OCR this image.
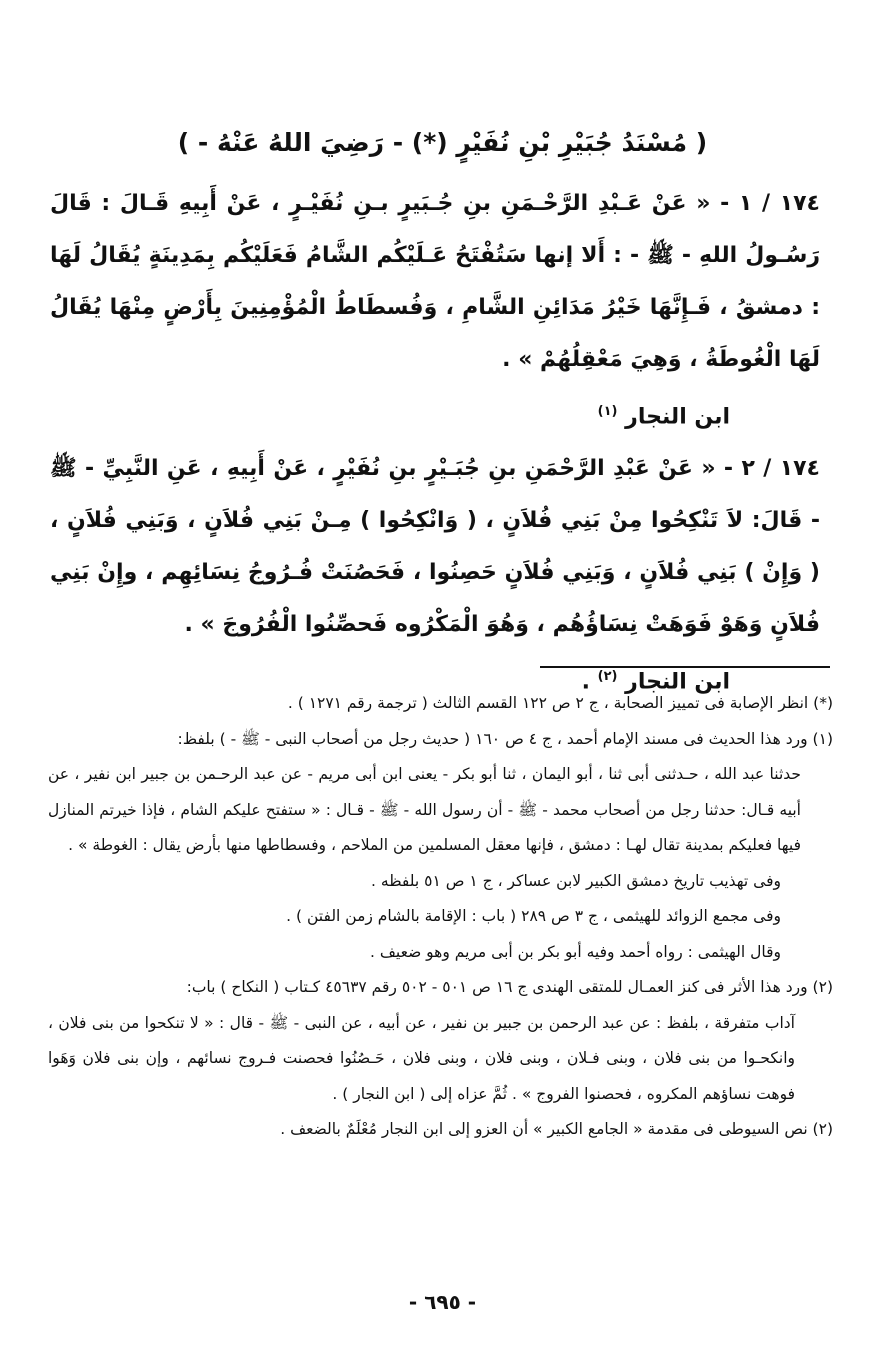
( مُسْنَدُ جُبَيْرِ بْنِ نُفَيْرٍ (*) - رَضِيَ اللهُ عَنْهُ - )

١٧٤ / ١ - « عَنْ عَـبْدِ الرَّحْـمَنِ بنِ جُـبَيرٍ بـنِ نُفَيْـرٍ ، عَنْ أَبِيهِ قَـالَ : قَالَ رَسُـولُ اللهِ - ﷺ - : أَلا إنها سَتُفْتَحُ عَـلَيْكُم الشَّامُ فَعَلَيْكُم بِمَدِينَةٍ يُقَالُ لَهَا : دمشقُ ، فَـإِنَّهَا خَيْرُ مَدَائِنِ الشَّامِ ، وَفُسطَاطُ الْمُؤْمِنِينَ بِأَرْضٍ مِنْهَا يُقَالُ لَهَا الْغُوطَةُ ، وَهِيَ مَعْقِلُهُمْ » .

ابن النجار $^{(١)}$

١٧٤ / ٢ - « عَنْ عَبْدِ الرَّحْمَنِ بنِ جُبَـيْرٍ بنِ نُفَيْرٍ ، عَنْ أَبِيهِ ، عَنِ النَّبِيِّ - ﷺ - قَالَ: لاَ تَنْكِحُوا مِنْ بَنِي فُلاَنٍ ، ( وَانْكِحُوا ) مِـنْ بَنِي فُلاَنٍ ، وَبَنِي فُلاَنٍ ، ( وَإِنْ ) بَنِي فُلاَنٍ ، وَبَنِي فُلاَنٍ حَصِنُوا ، فَحَصُنَتْ فُـرُوجُ نِسَائِهِم ، وإِنْ بَنِي فُلاَنٍ وَهَوْ فَوَهَتْ نِسَاؤُهُم ، وَهُوَ الْمَكْرُوه فَحصِّنُوا الْفُرُوجَ » .

ابن النجار $^{(٢)}$ .

(*) انظر الإصابة فى تمييز الصحابة ، ج ٢ ص ١٢٢ القسم الثالث ( ترجمة رقم ١٢٧١ ) .

(١) ورد هذا الحديث فى مسند الإمام أحمد ، ج ٤ ص ١٦٠ ( حديث رجل من أصحاب النبى - ﷺ - ) بلفظ:

حدثنا عبد الله ، حـدثنى أبى ثنا ، أبو اليمان ، ثنا أبو بكر - يعنى ابن أبى مريم - عن عبد الرحـمن بن جبير ابن نفير ، عن أبيه قـال: حدثنا رجل من أصحاب محمد - ﷺ - أن رسول الله - ﷺ - قـال : « ستفتح عليكم الشام ، فإذا خيرتم المنازل فيها فعليكم بمدينة تقال لهـا : دمشق ، فإنها معقل المسلمين من الملاحم ، وفسطاطها منها بأرض يقال : الغوطة » .

وفى تهذيب تاريخ دمشق الكبير لابن عساكر ، ج ١ ص ٥١ بلفظه .

وفى مجمع الزوائد للهيثمى ، ج ٣ ص ٢٨٩ ( باب : الإقامة بالشام زمن الفتن ) .

وقال الهيثمى : رواه أحمد وفيه أبو بكر بن أبى مريم وهو ضعيف .

(٢) ورد هذا الأثر فى كنز العمـال للمتقى الهندى ج ١٦ ص ٥٠١ - ٥٠٢ رقم ٤٥٦٣٧ كـتاب ( النكاح ) باب:

آداب متفرقة ، بلفظ : عن عبد الرحمن بن جبير بن نفير ، عن أبيه ، عن النبى - ﷺ - قال : « لا تنكحوا من بنى فلان ، وانكحـوا من بنى فلان ، وبنى فـلان ، وبنى فلان ، وبنى فلان ، حَـصُنُوا فحصنت فـروج نسائهم ، وإن بنى فلان وَهَوا فوهت نساؤهم المكروه ، فحصنوا الفروج » . ثُمَّ عزاه إلى ( ابن النجار ) .

(٢) نص السيوطى فى مقدمة « الجامع الكبير » أن العزو إلى ابن النجار مُعْلَمٌ بالضعف .

- ٦٩٥ -
